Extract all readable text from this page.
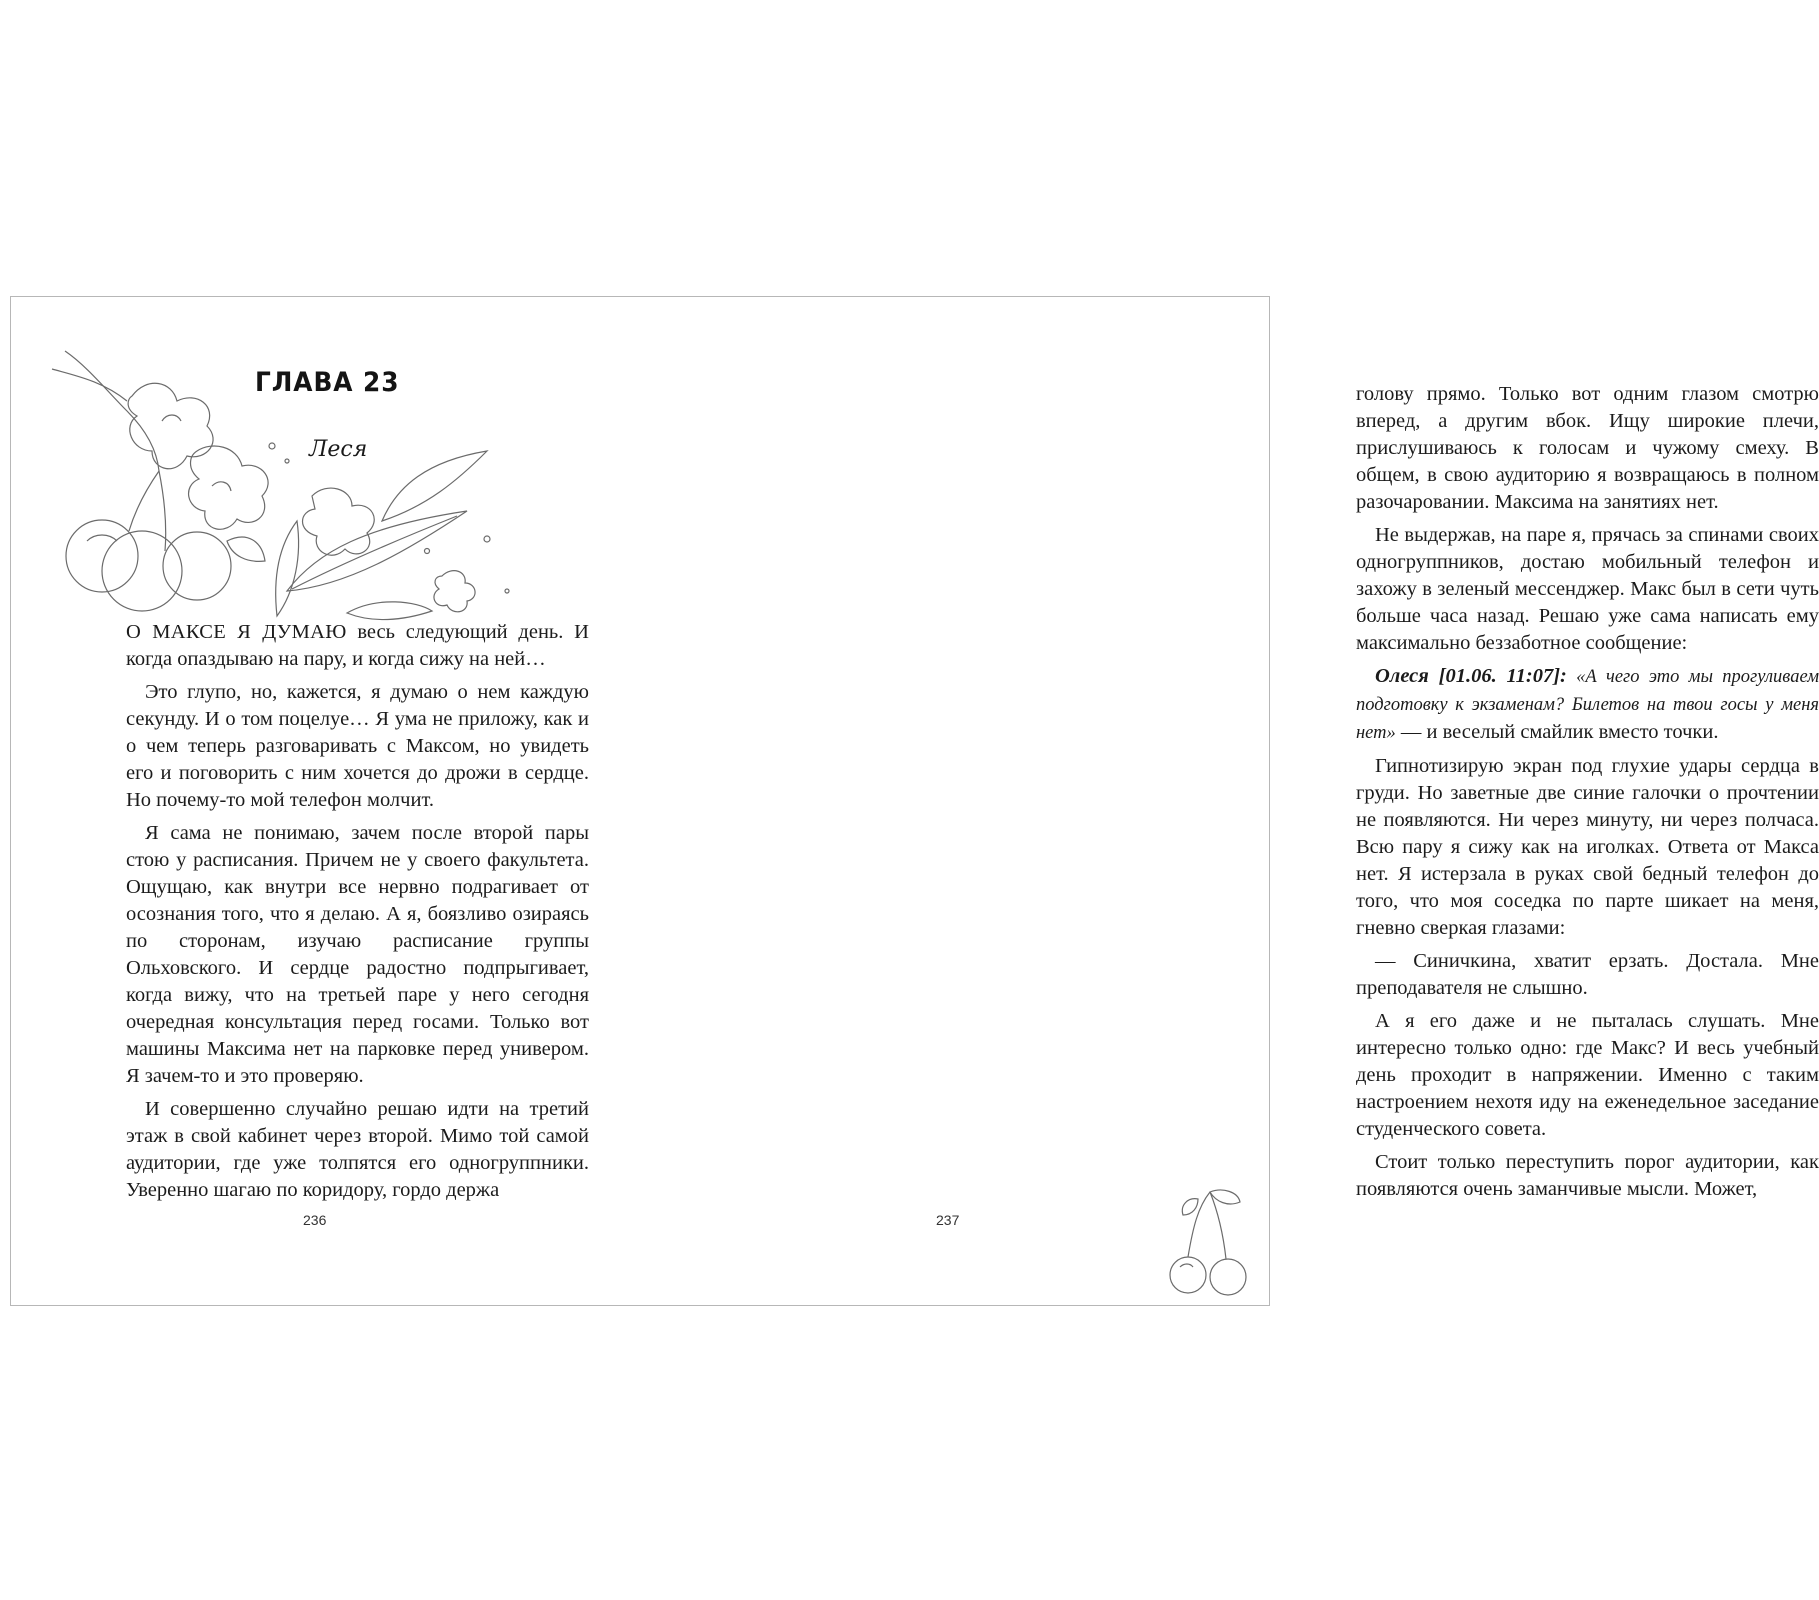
ГЛАВА 23
Леся

О МАКСЕ Я ДУМАЮ весь следующий день. И когда опаздываю на пару, и когда сижу на ней…

Это глупо, но, кажется, я думаю о нем каждую секунду. И о том поцелуе… Я ума не приложу, как и о чем теперь разговаривать с Максом, но увидеть его и поговорить с ним хочется до дрожи в сердце. Но почему-то мой телефон молчит.

Я сама не понимаю, зачем после второй пары стою у расписания. Причем не у своего факультета. Ощущаю, как внутри все нервно подрагивает от осознания того, что я делаю. А я, боязливо озираясь по сторонам, изучаю расписание группы Ольховского. И сердце радостно подпрыгивает, когда вижу, что на третьей паре у него сегодня очередная консультация перед госами. Только вот машины Максима нет на парковке перед универом. Я зачем-то и это проверяю.

И совершенно случайно решаю идти на третий этаж в свой кабинет через второй. Мимо той самой аудитории, где уже толпятся его одногруппники. Уверенно шагаю по коридору, гордо держа

236

голову прямо. Только вот одним глазом смотрю вперед, а другим вбок. Ищу широкие плечи, прислушиваюсь к голосам и чужому смеху. В общем, в свою аудиторию я возвращаюсь в полном разочаровании. Максима на занятиях нет.

Не выдержав, на паре я, прячась за спинами своих одногруппников, достаю мобильный телефон и захожу в зеленый мессенджер. Макс был в сети чуть больше часа назад. Решаю уже сама написать ему максимально беззаботное сообщение:

Олеся [01.06. 11:07]: «А чего это мы прогуливаем подготовку к экзаменам? Билетов на твои госы у меня нет» — и веселый смайлик вместо точки.

Гипнотизирую экран под глухие удары сердца в груди. Но заветные две синие галочки о прочтении не появляются. Ни через минуту, ни через полчаса. Всю пару я сижу как на иголках. Ответа от Макса нет. Я истерзала в руках свой бедный телефон до того, что моя соседка по парте шикает на меня, гневно сверкая глазами:

— Синичкина, хватит ерзать. Достала. Мне преподавателя не слышно.

А я его даже и не пыталась слушать. Мне интересно только одно: где Макс? И весь учебный день проходит в напряжении. Именно с таким настроением нехотя иду на еженедельное заседание студенческого совета.

Стоит только переступить порог аудитории, как появляются очень заманчивые мысли. Может,

237
